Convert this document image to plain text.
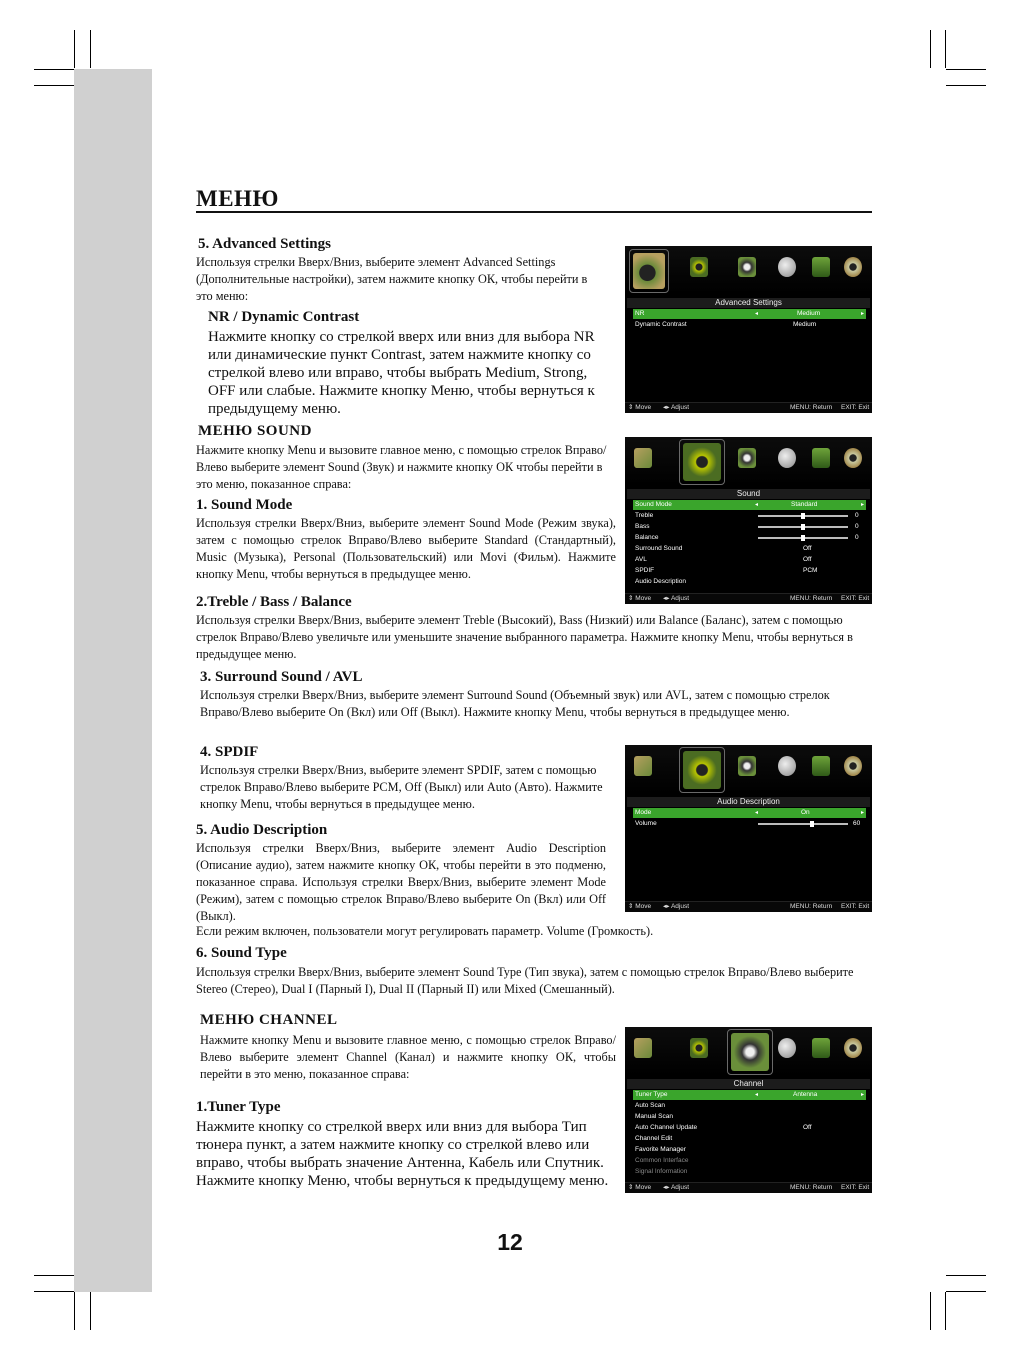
МЕНЮ
5. Advanced Settings

Используя стрелки Вверх/Вниз, выберите элемент Advanced Settings (Дополнительные настройки), затем нажмите кнопку ОК, чтобы перейти в это меню:

NR / Dynamic Contrast

Нажмите кнопку со стрелкой вверх или вниз для выбора NR или динамические пункт Contrast, затем нажмите кнопку со стрелкой влево или вправо, чтобы выбрать Medium, Strong, OFF или слабые. Нажмите кнопку Меню, чтобы вернуться к предыдущему меню.

Advanced Settings
NR	◂	Medium	▸
Dynamic Contrast	Medium
⇕ Move ◂▸ Adjust	MENU: Return EXIT: Exit
МЕНЮ SOUND

Нажмите кнопку Menu и вызовите главное меню, с помощью стрелок Вправо/Влево выберите элемент Sound (Звук) и нажмите кнопку ОК чтобы перейти в это меню, показанное справа:

1. Sound Mode

Используя стрелки Вверх/Вниз, выберите элемент Sound Mode (Режим звука), затем с помощью стрелок Вправо/Влево выберите Standard (Стандартный), Music (Музыка), Personal (Пользовательский) или Movi (Фильм). Нажмите кнопку Menu, чтобы вернуться в предыдущее меню.

Sound
Sound Mode	◂	Standard	▸
Treble	0
Bass	0
Balance	0
Surround Sound	Off
AVL	Off
SPDIF	PCM
Audio Description
⇕ Move ◂▸ Adjust	MENU: Return EXIT: Exit
2.Treble / Bass / Balance

Используя стрелки Вверх/Вниз, выберите элемент Treble (Высокий), Bass (Низкий) или Balance (Баланс), затем с помощью стрелок Вправо/Влево увеличьте или уменьшите значение выбранного параметра. Нажмите кнопку Menu, чтобы вернуться в предыдущее меню.

3. Surround Sound / AVL

Используя стрелки Вверх/Вниз, выберите элемент Surround Sound (Объемный звук) или AVL, затем с помощью стрелок Вправо/Влево выберите On (Вкл) или Off (Выкл). Нажмите кнопку Menu, чтобы вернуться в предыдущее меню.

4. SPDIF

Используя стрелки Вверх/Вниз, выберите элемент SPDIF, затем с помощью стрелок Вправо/Влево выберите PCM, Off (Выкл) или Auto (Авто). Нажмите кнопку Menu, чтобы вернуться в предыдущее меню.	Audio Description
Mode	◂	On	▸
Volume	60
⇕ Move ◂▸ Adjust	MENU: Return EXIT: Exit
5. Audio Description

Используя стрелки Вверх/Вниз, выберите элемент Audio Description (Описание аудио), затем нажмите кнопку ОК, чтобы перейти в это подменю, показанное справа. Используя стрелки Вверх/Вниз, выберите элемент Mode (Режим), затем с помощью стрелок Вправо/Влево выберите On (Вкл) или Off (Выкл).

Если режим включен, пользователи могут регулировать параметр. Volume (Громкость).

6. Sound Type

Используя стрелки Вверх/Вниз, выберите элемент Sound Type (Тип звука), затем с помощью стрелок Вправо/Влево выберите Stereo (Стерео), Dual I (Парный I), Dual II (Парный II) или Mixed (Смешанный).

МЕНЮ CHANNEL

Нажмите кнопку Menu и вызовите главное меню, с помощью стрелок Вправо/Влево выберите элемент Channel (Канал) и нажмите кнопку ОК, чтобы перейти в это меню, показанное справа:

1.Tuner Type

Нажмите кнопку со стрелкой вверх или вниз для выбора Тип тюнера пункт, а затем нажмите кнопку со стрелкой влево или вправо, чтобы выбрать значение Антенна, Кабель или Спутник. Нажмите кнопку Меню, чтобы вернуться к предыдущему меню.

Channel
Tuner Type	◂	Antenna	▸
Auto Scan
Manual Scan
Auto Channel Update	Off
Channel Edit
Favorite Manager
Common Interface
Signal Information
⇕ Move ◂▸ Adjust	MENU: Return EXIT: Exit
12
